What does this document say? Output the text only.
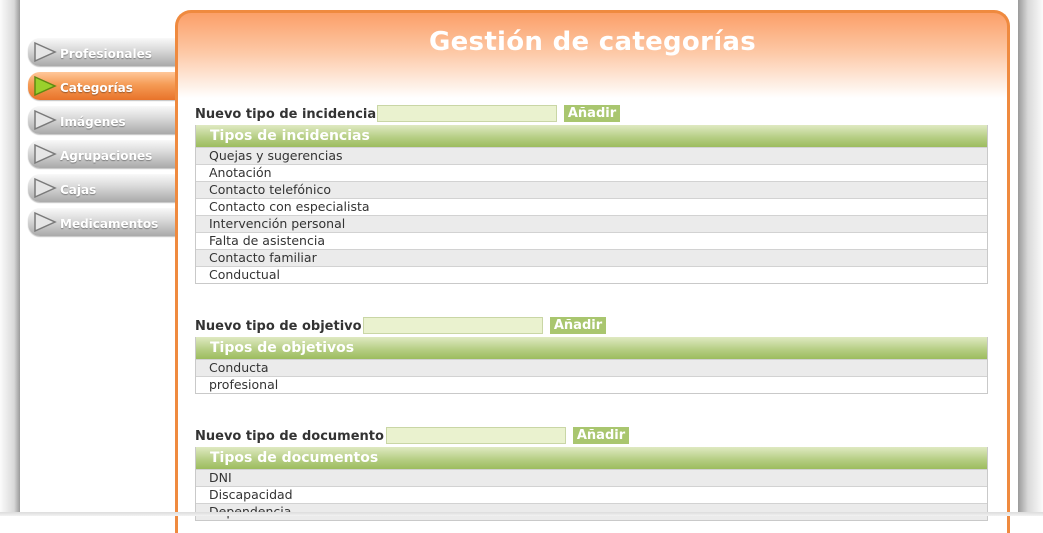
Profesionales
Categorías
Imágenes
Agrupaciones
Cajas
Medicamentos
Gestión de categorías
Nuevo tipo de incidencia	Añadir
Tipos de incidencias
Quejas y sugerencias
Anotación
Contacto telefónico
Contacto con especialista
Intervención personal
Falta de asistencia
Contacto familiar
Conductual
Nuevo tipo de objetivo	Añadir
Tipos de objetivos
Conducta
profesional
Nuevo tipo de documento	Añadir
Tipos de documentos
DNI
Discapacidad
